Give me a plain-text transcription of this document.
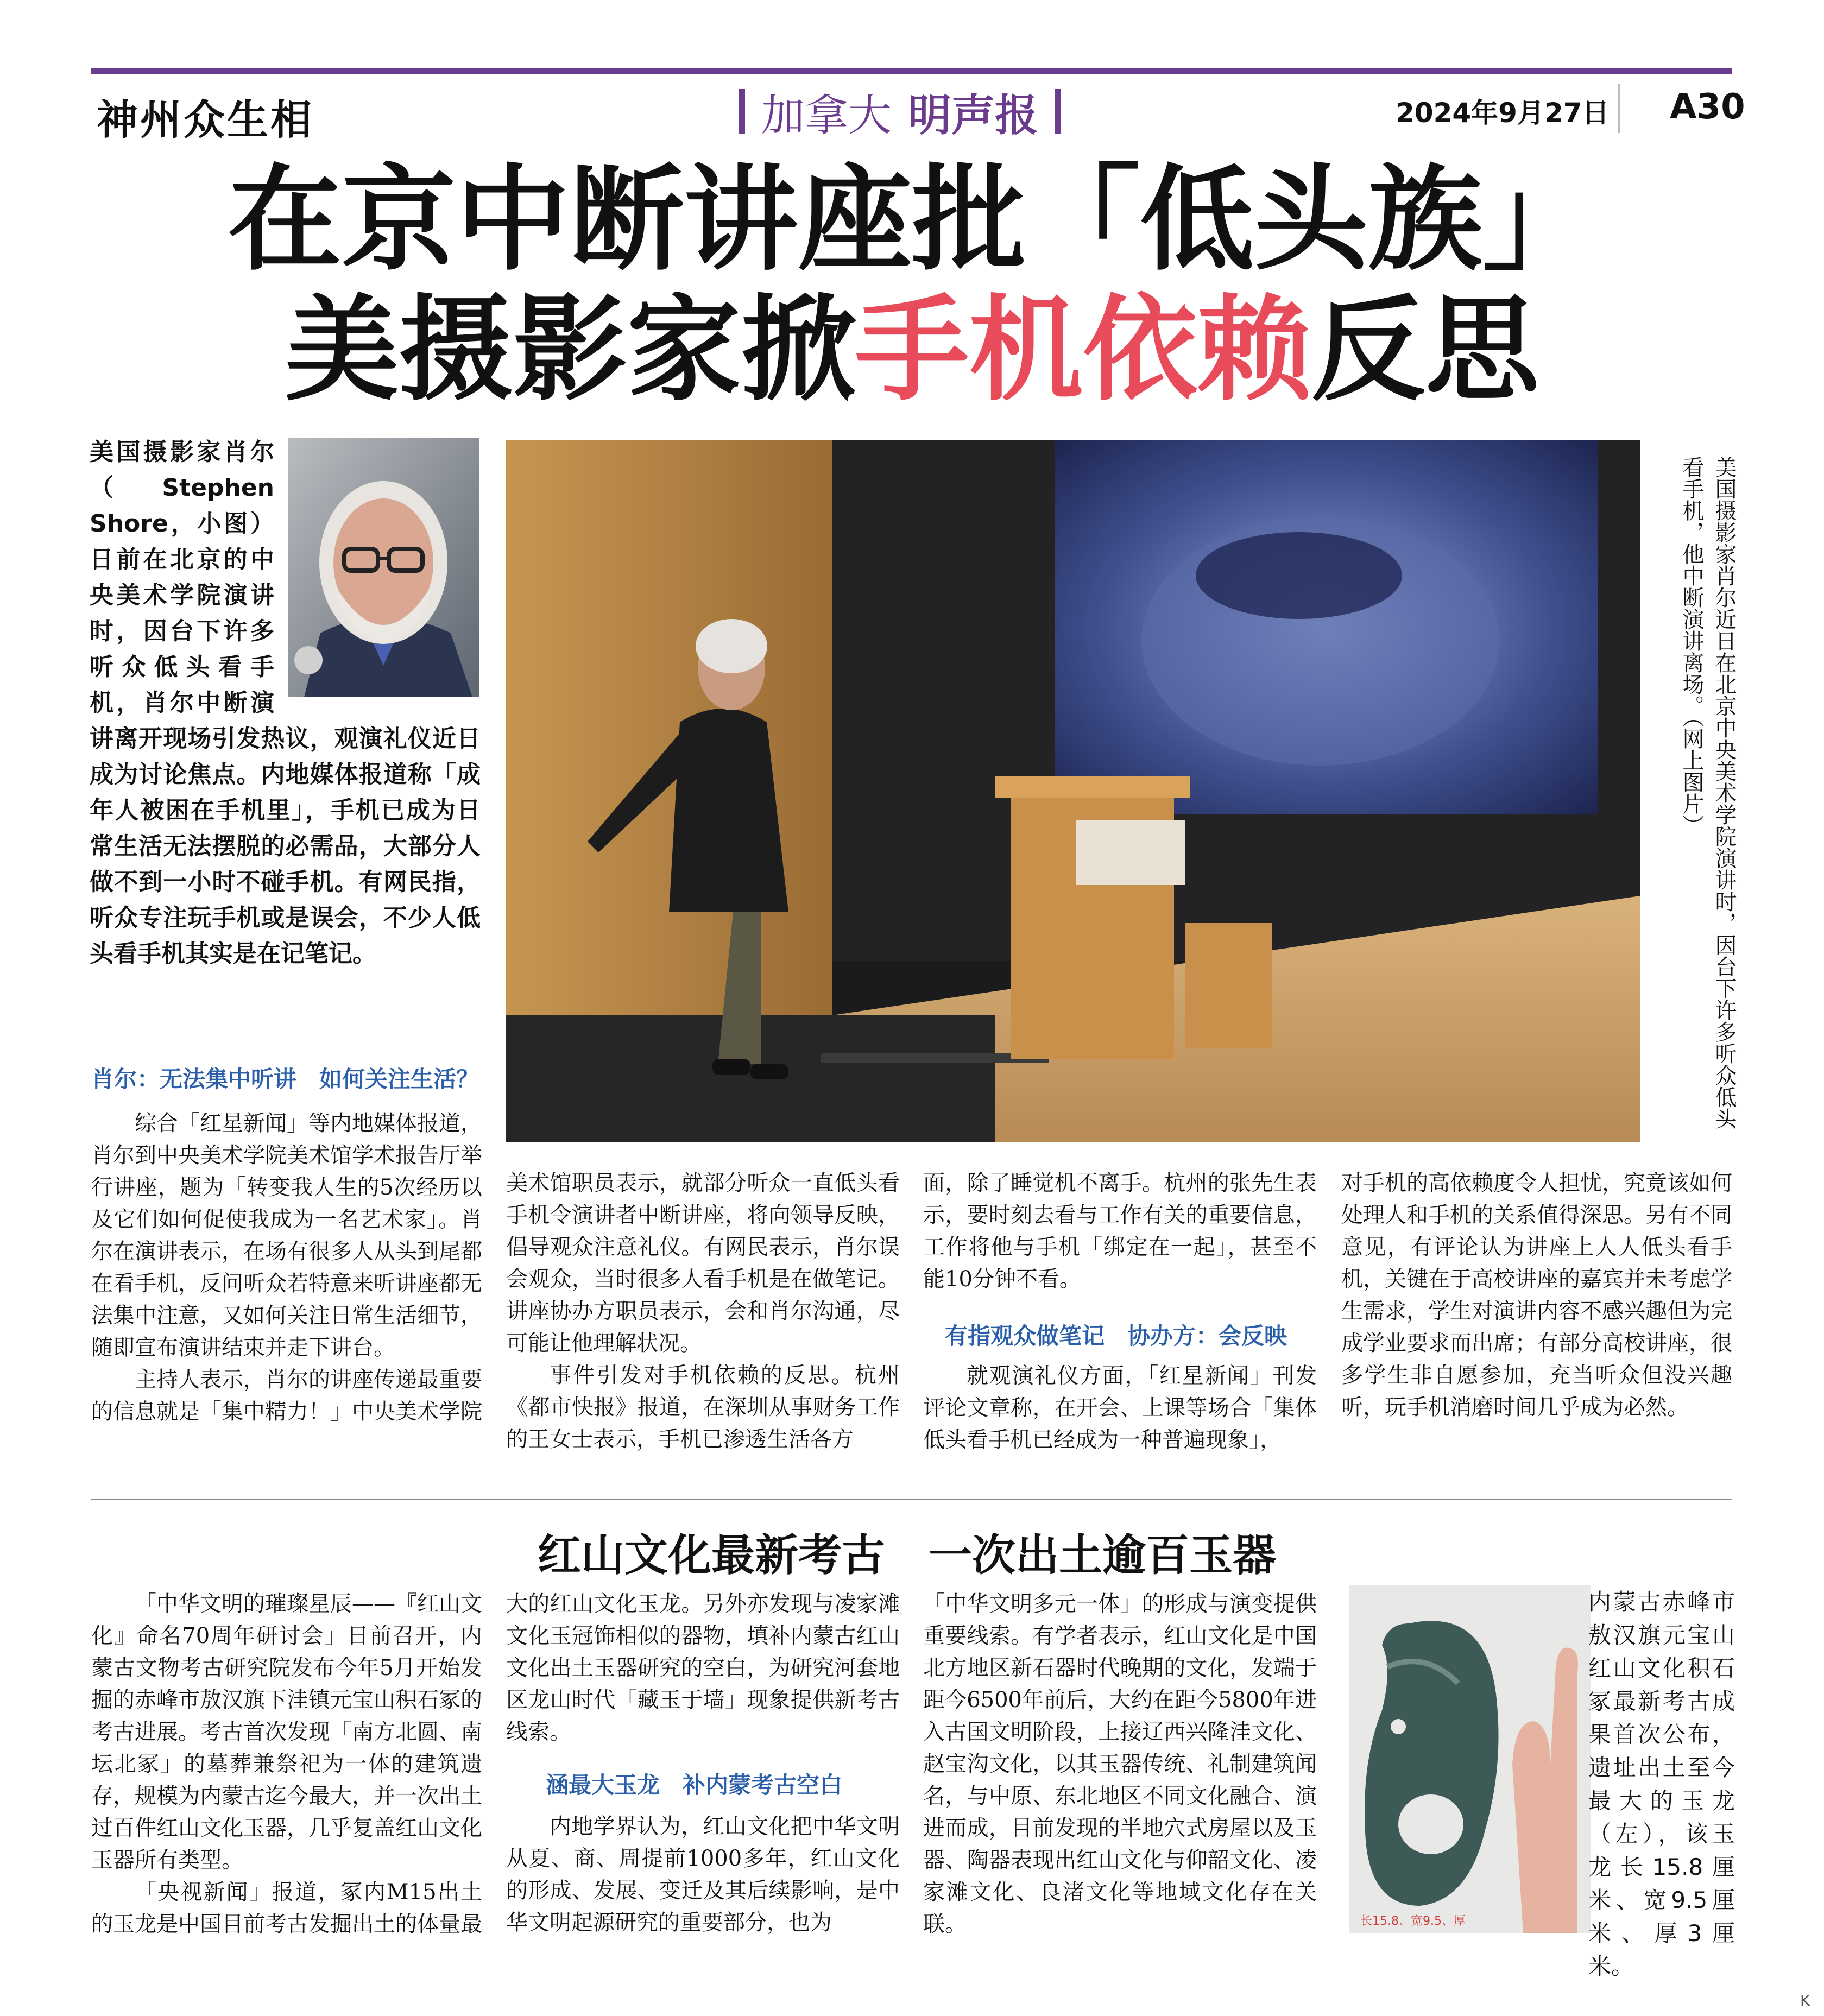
神州众生相	加拿大 明声报	2024年9月27日 A30
在京中断讲座批「低头族」
美摄影家掀手机依赖反思
美国摄影家肖尔（Stephen Shore，小图）日前在北京的中央美术学院演讲时，因台下许多听众低头看手机，肖尔中断演讲离开现场引发热议，观演礼仪近日成为讨论焦点。内地媒体报道称「成年人被困在手机里」，手机已成为日常生活无法摆脱的必需品，大部分人做不到一小时不碰手机。有网民指，听众专注玩手机或是误会，不少人低头看手机其实是在记笔记。	美国摄影家肖尔近日在北京中央美术学院演讲时，因台下许多听众低头看手机，他中断演讲离场。（网上图片）
肖尔：无法集中听讲　如何关注生活？

综合「红星新闻」等内地媒体报道，肖尔到中央美术学院美术馆学术报告厅举行讲座，题为「转变我人生的5次经历以及它们如何促使我成为一名艺术家」。肖尔在演讲表示，在场有很多人从头到尾都在看手机，反问听众若特意来听讲座都无法集中注意，又如何关注日常生活细节，随即宣布演讲结束并走下讲台。

主持人表示，肖尔的讲座传递最重要的信息就是「集中精力！」中央美术学院

美术馆职员表示，就部分听众一直低头看手机令演讲者中断讲座，将向领导反映，倡导观众注意礼仪。有网民表示，肖尔误会观众，当时很多人看手机是在做笔记。讲座协办方职员表示，会和肖尔沟通，尽可能让他理解状况。

事件引发对手机依赖的反思。杭州《都市快报》报道，在深圳从事财务工作的王女士表示，手机已渗透生活各方

面，除了睡觉机不离手。杭州的张先生表示，要时刻去看与工作有关的重要信息，工作将他与手机「绑定在一起」，甚至不能10分钟不看。

有指观众做笔记　协办方：会反映

就观演礼仪方面，「红星新闻」刊发评论文章称，在开会、上课等场合「集体低头看手机已经成为一种普遍现象」，

对手机的高依赖度令人担忧，究竟该如何处理人和手机的关系值得深思。另有不同意见，有评论认为讲座上人人低头看手机，关键在于高校讲座的嘉宾并未考虑学生需求，学生对演讲内容不感兴趣但为完成学业要求而出席；有部分高校讲座，很多学生非自愿参加，充当听众但没兴趣听，玩手机消磨时间几乎成为必然。

红山文化最新考古　一次出土逾百玉器

「中华文明的璀璨星辰——『红山文化』命名70周年研讨会」日前召开，内蒙古文物考古研究院发布今年5月开始发掘的赤峰市敖汉旗下洼镇元宝山积石冢的考古进展。考古首次发现「南方北圆、南坛北冢」的墓葬兼祭祀为一体的建筑遗存，规模为内蒙古迄今最大，并一次出土过百件红山文化玉器，几乎复盖红山文化玉器所有类型。

「央视新闻」报道，冢内M15出土的玉龙是中国目前考古发掘出土的体量最

大的红山文化玉龙。另外亦发现与凌家滩文化玉冠饰相似的器物，填补内蒙古红山文化出土玉器研究的空白，为研究河套地区龙山时代「藏玉于墙」现象提供新考古线索。

涵最大玉龙　补内蒙考古空白

内地学界认为，红山文化把中华文明从夏、商、周提前1000多年，红山文化的形成、发展、变迁及其后续影响，是中华文明起源研究的重要部分，也为

「中华文明多元一体」的形成与演变提供重要线索。有学者表示，红山文化是中国北方地区新石器时代晚期的文化，发端于距今6500年前后，大约在距今5800年进入古国文明阶段，上接辽西兴隆洼文化、赵宝沟文化，以其玉器传统、礼制建筑闻名，与中原、东北地区不同文化融合、演进而成，目前发现的半地穴式房屋以及玉器、陶器表现出红山文化与仰韶文化、凌家滩文化、良渚文化等地域文化存在关联。	长15.8、宽9.5、厚
内蒙古赤峰市敖汉旗元宝山红山文化积石冢最新考古成果首次公布，遗址出土至今最大的玉龙（左），该玉龙长15.8厘米、宽9.5厘米、厚3厘米。
K
